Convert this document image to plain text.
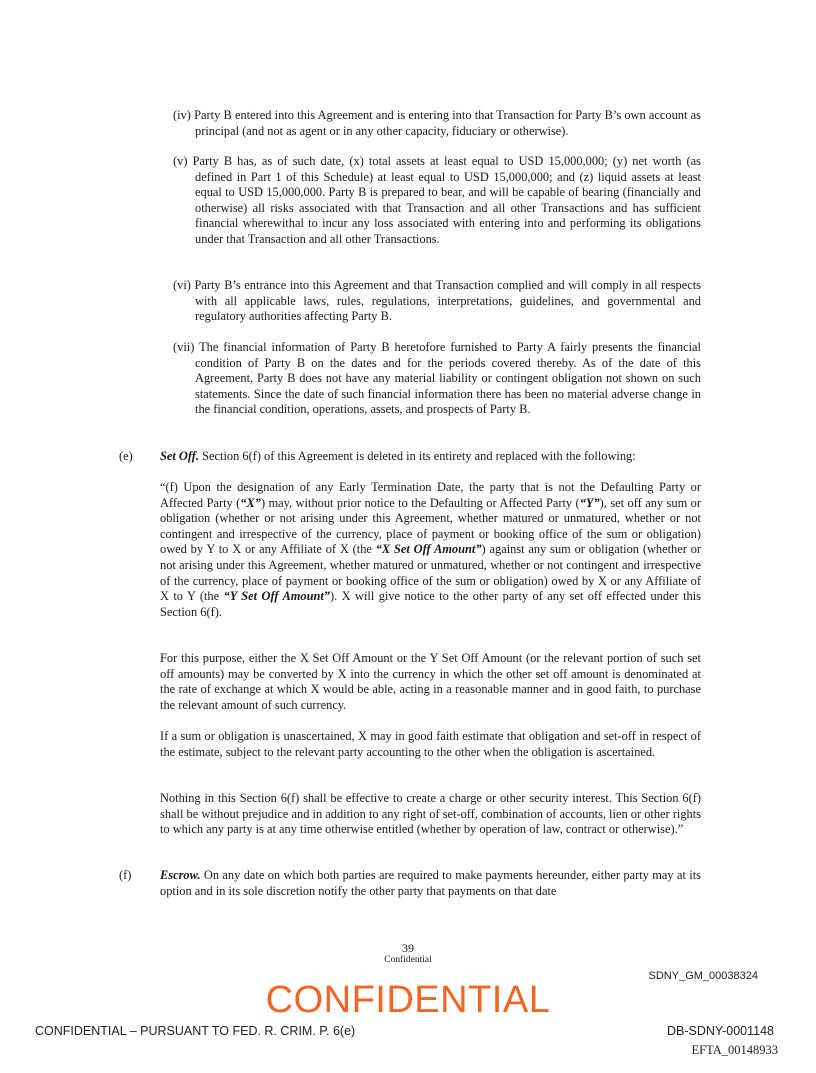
(iv) Party B entered into this Agreement and is entering into that Transaction for Party B’s own account as principal (and not as agent or in any other capacity, fiduciary or otherwise).

(v) Party B has, as of such date, (x) total assets at least equal to USD 15,000,000; (y) net worth (as defined in Part 1 of this Schedule) at least equal to USD 15,000,000; and (z) liquid assets at least equal to USD 15,000,000. Party B is prepared to bear, and will be capable of bearing (financially and otherwise) all risks associated with that Transaction and all other Transactions and has sufficient financial wherewithal to incur any loss associated with entering into and performing its obligations under that Transaction and all other Transactions.

(vi) Party B’s entrance into this Agreement and that Transaction complied and will comply in all respects with all applicable laws, rules, regulations, interpretations, guidelines, and governmental and regulatory authorities affecting Party B.

(vii) The financial information of Party B heretofore furnished to Party A fairly presents the financial condition of Party B on the dates and for the periods covered thereby. As of the date of this Agreement, Party B does not have any material liability or contingent obligation not shown on such statements. Since the date of such financial information there has been no material adverse change in the financial condition, operations, assets, and prospects of Party B.

(e) Set Off. Section 6(f) of this Agreement is deleted in its entirety and replaced with the following:

“(f) Upon the designation of any Early Termination Date, the party that is not the Defaulting Party or Affected Party (“X”) may, without prior notice to the Defaulting or Affected Party (“Y”), set off any sum or obligation (whether or not arising under this Agreement, whether matured or unmatured, whether or not contingent and irrespective of the currency, place of payment or booking office of the sum or obligation) owed by Y to X or any Affiliate of X (the “X Set Off Amount”) against any sum or obligation (whether or not arising under this Agreement, whether matured or unmatured, whether or not contingent and irrespective of the currency, place of payment or booking office of the sum or obligation) owed by X or any Affiliate of X to Y (the “Y Set Off Amount”). X will give notice to the other party of any set off effected under this Section 6(f).

For this purpose, either the X Set Off Amount or the Y Set Off Amount (or the relevant portion of such set off amounts) may be converted by X into the currency in which the other set off amount is denominated at the rate of exchange at which X would be able, acting in a reasonable manner and in good faith, to purchase the relevant amount of such currency.

If a sum or obligation is unascertained, X may in good faith estimate that obligation and set-off in respect of the estimate, subject to the relevant party accounting to the other when the obligation is ascertained.

Nothing in this Section 6(f) shall be effective to create a charge or other security interest. This Section 6(f) shall be without prejudice and in addition to any right of set-off, combination of accounts, lien or other rights to which any party is at any time otherwise entitled (whether by operation of law, contract or otherwise).”

(f) Escrow. On any date on which both parties are required to make payments hereunder, either party may at its option and in its sole discretion notify the other party that payments on that date

39
Confidential
SDNY_GM_00038324
CONFIDENTIAL
CONFIDENTIAL – PURSUANT TO FED. R. CRIM. P. 6(e)	DB-SDNY-0001148
EFTA_00148933
